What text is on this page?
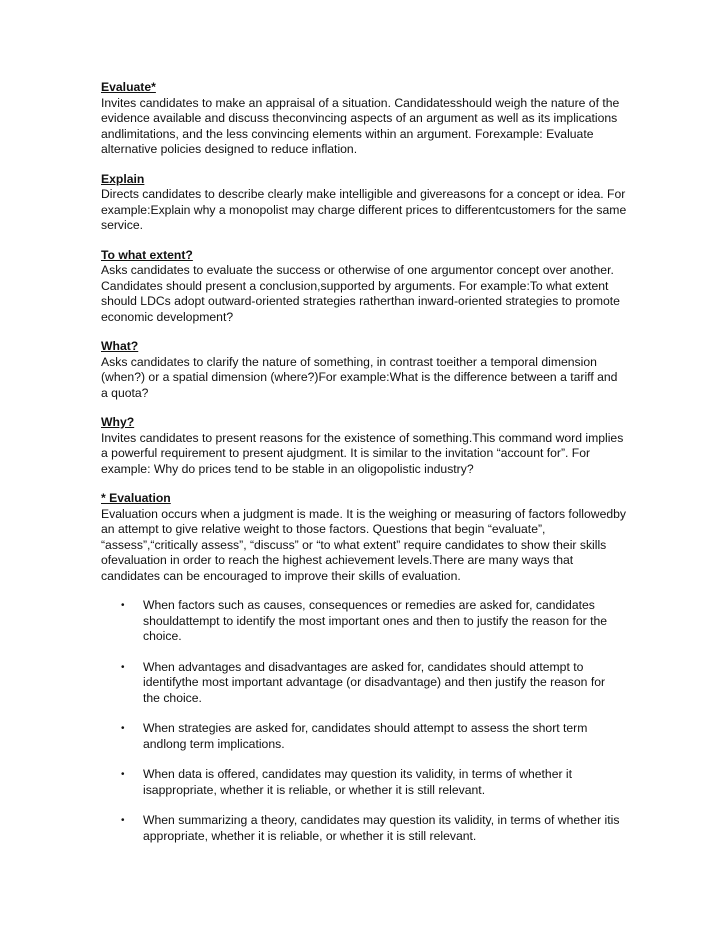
Evaluate*
Invites candidates to make an appraisal of a situation. Candidatesshould weigh the nature of the evidence available and discuss theconvincing aspects of an argument as well as its implications andlimitations, and the less convincing elements within an argument. Forexample: Evaluate alternative policies designed to reduce inflation.
Explain
Directs candidates to describe clearly make intelligible and givereasons for a concept or idea. For example:Explain why a monopolist may charge different prices to differentcustomers for the same service.
To what extent?
Asks candidates to evaluate the success or otherwise of one argumentor concept over another. Candidates should present a conclusion,supported by arguments. For example:To what extent should LDCs adopt outward-oriented strategies ratherthan inward-oriented strategies to promote economic development?
What?
Asks candidates to clarify the nature of something, in contrast toeither a temporal dimension (when?) or a spatial dimension (where?)For example:What is the difference between a tariff and a quota?
Why?
Invites candidates to present reasons for the existence of something.This command word implies a powerful requirement to present ajudgment. It is similar to the invitation “account for”. For example: Why do prices tend to be stable in an oligopolistic industry?
* Evaluation
Evaluation occurs when a judgment is made. It is the weighing or measuring of factors followedby an attempt to give relative weight to those factors. Questions that begin “evaluate”, “assess”,“critically assess”, “discuss” or “to what extent” require candidates to show their skills ofevaluation in order to reach the highest achievement levels.There are many ways that candidates can be encouraged to improve their skills of evaluation.
• When factors such as causes, consequences or remedies are asked for, candidates shouldattempt to identify the most important ones and then to justify the reason for the choice.
• When advantages and disadvantages are asked for, candidates should attempt to identifythe most important advantage (or disadvantage) and then justify the reason for the choice.
• When strategies are asked for, candidates should attempt to assess the short term andlong term implications.
• When data is offered, candidates may question its validity, in terms of whether it isappropriate, whether it is reliable, or whether it is still relevant.
• When summarizing a theory, candidates may question its validity, in terms of whether itis appropriate, whether it is reliable, or whether it is still relevant.
